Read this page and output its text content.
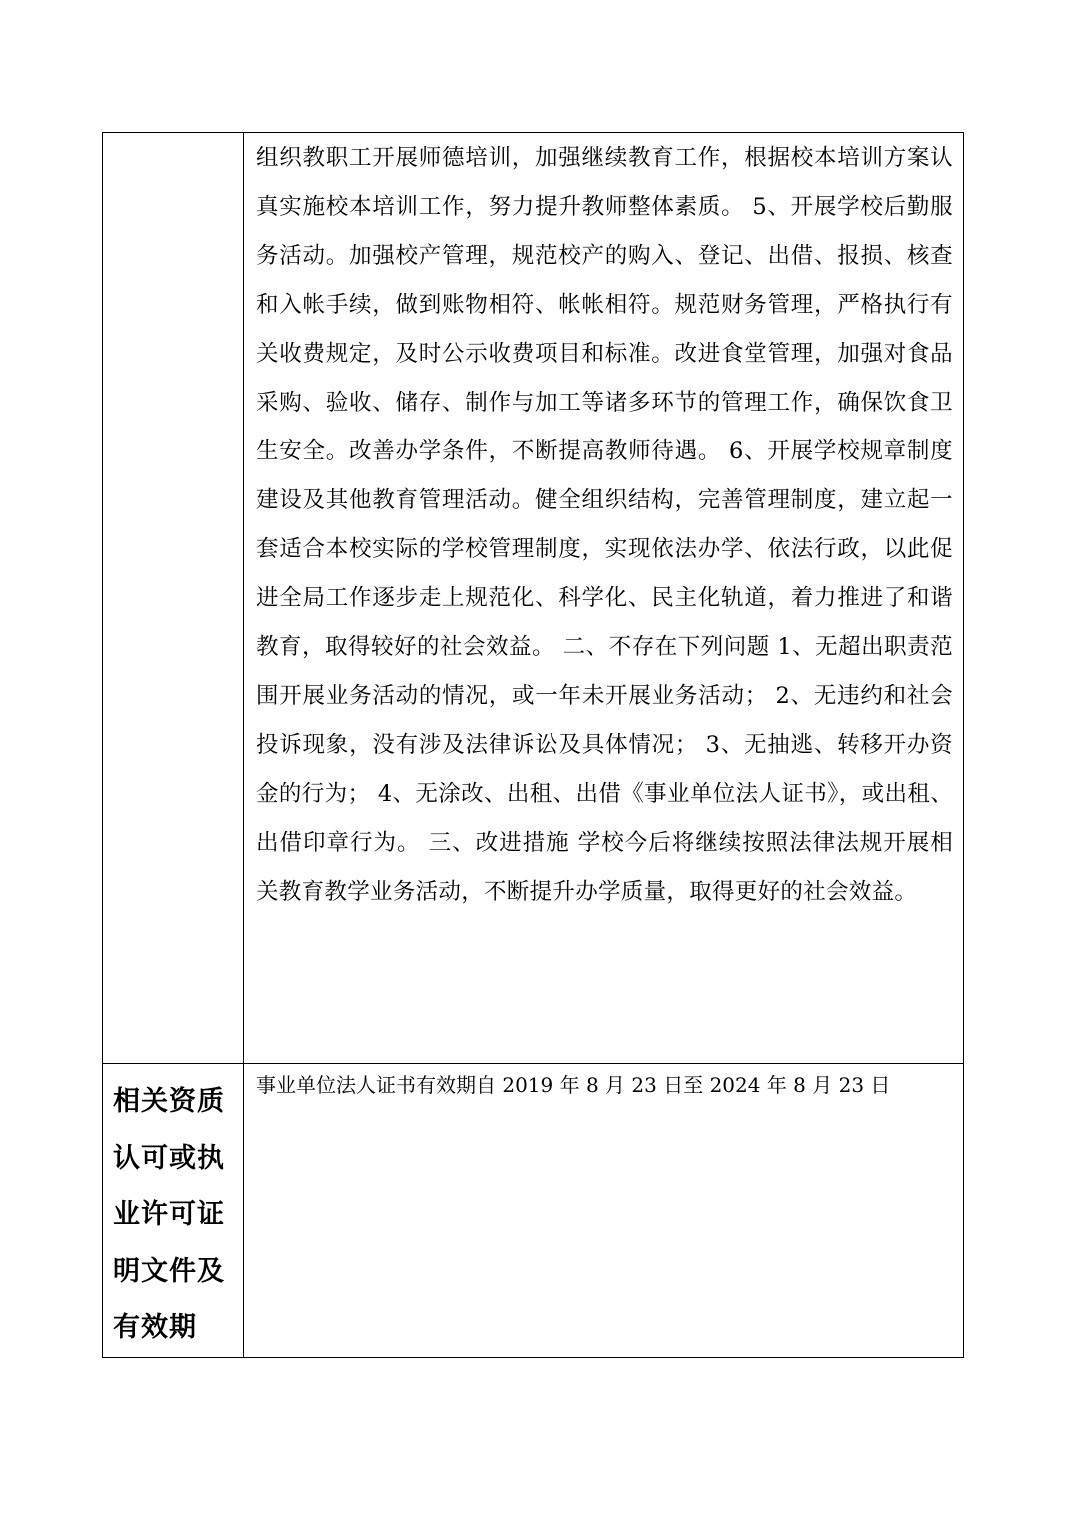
	组织教职工开展师德培训，加强继续教育工作，根据校本培训方案认真实施校本培训工作，努力提升教师整体素质。 5、开展学校后勤服务活动。加强校产管理，规范校产的购入、登记、出借、报损、核查和入帐手续，做到账物相符、帐帐相符。规范财务管理，严格执行有关收费规定，及时公示收费项目和标准。改进食堂管理，加强对食品采购、验收、储存、制作与加工等诸多环节的管理工作，确保饮食卫生安全。改善办学条件，不断提高教师待遇。 6、开展学校规章制度建设及其他教育管理活动。健全组织结构，完善管理制度，建立起一套适合本校实际的学校管理制度，实现依法办学、依法行政，以此促进全局工作逐步走上规范化、科学化、民主化轨道，着力推进了和谐教育，取得较好的社会效益。 二、不存在下列问题 1、无超出职责范围开展业务活动的情况，或一年未开展业务活动； 2、无违约和社会投诉现象，没有涉及法律诉讼及具体情况； 3、无抽逃、转移开办资金的行为； 4、无涂改、出租、出借《事业单位法人证书》，或出租、出借印章行为。 三、改进措施 学校今后将继续按照法律法规开展相关教育教学业务活动，不断提升办学质量，取得更好的社会效益。

相关资质认可或执业许可证明文件及有效期	事业单位法人证书有效期自 2019 年 8 月 23 日至 2024 年 8 月 23 日
